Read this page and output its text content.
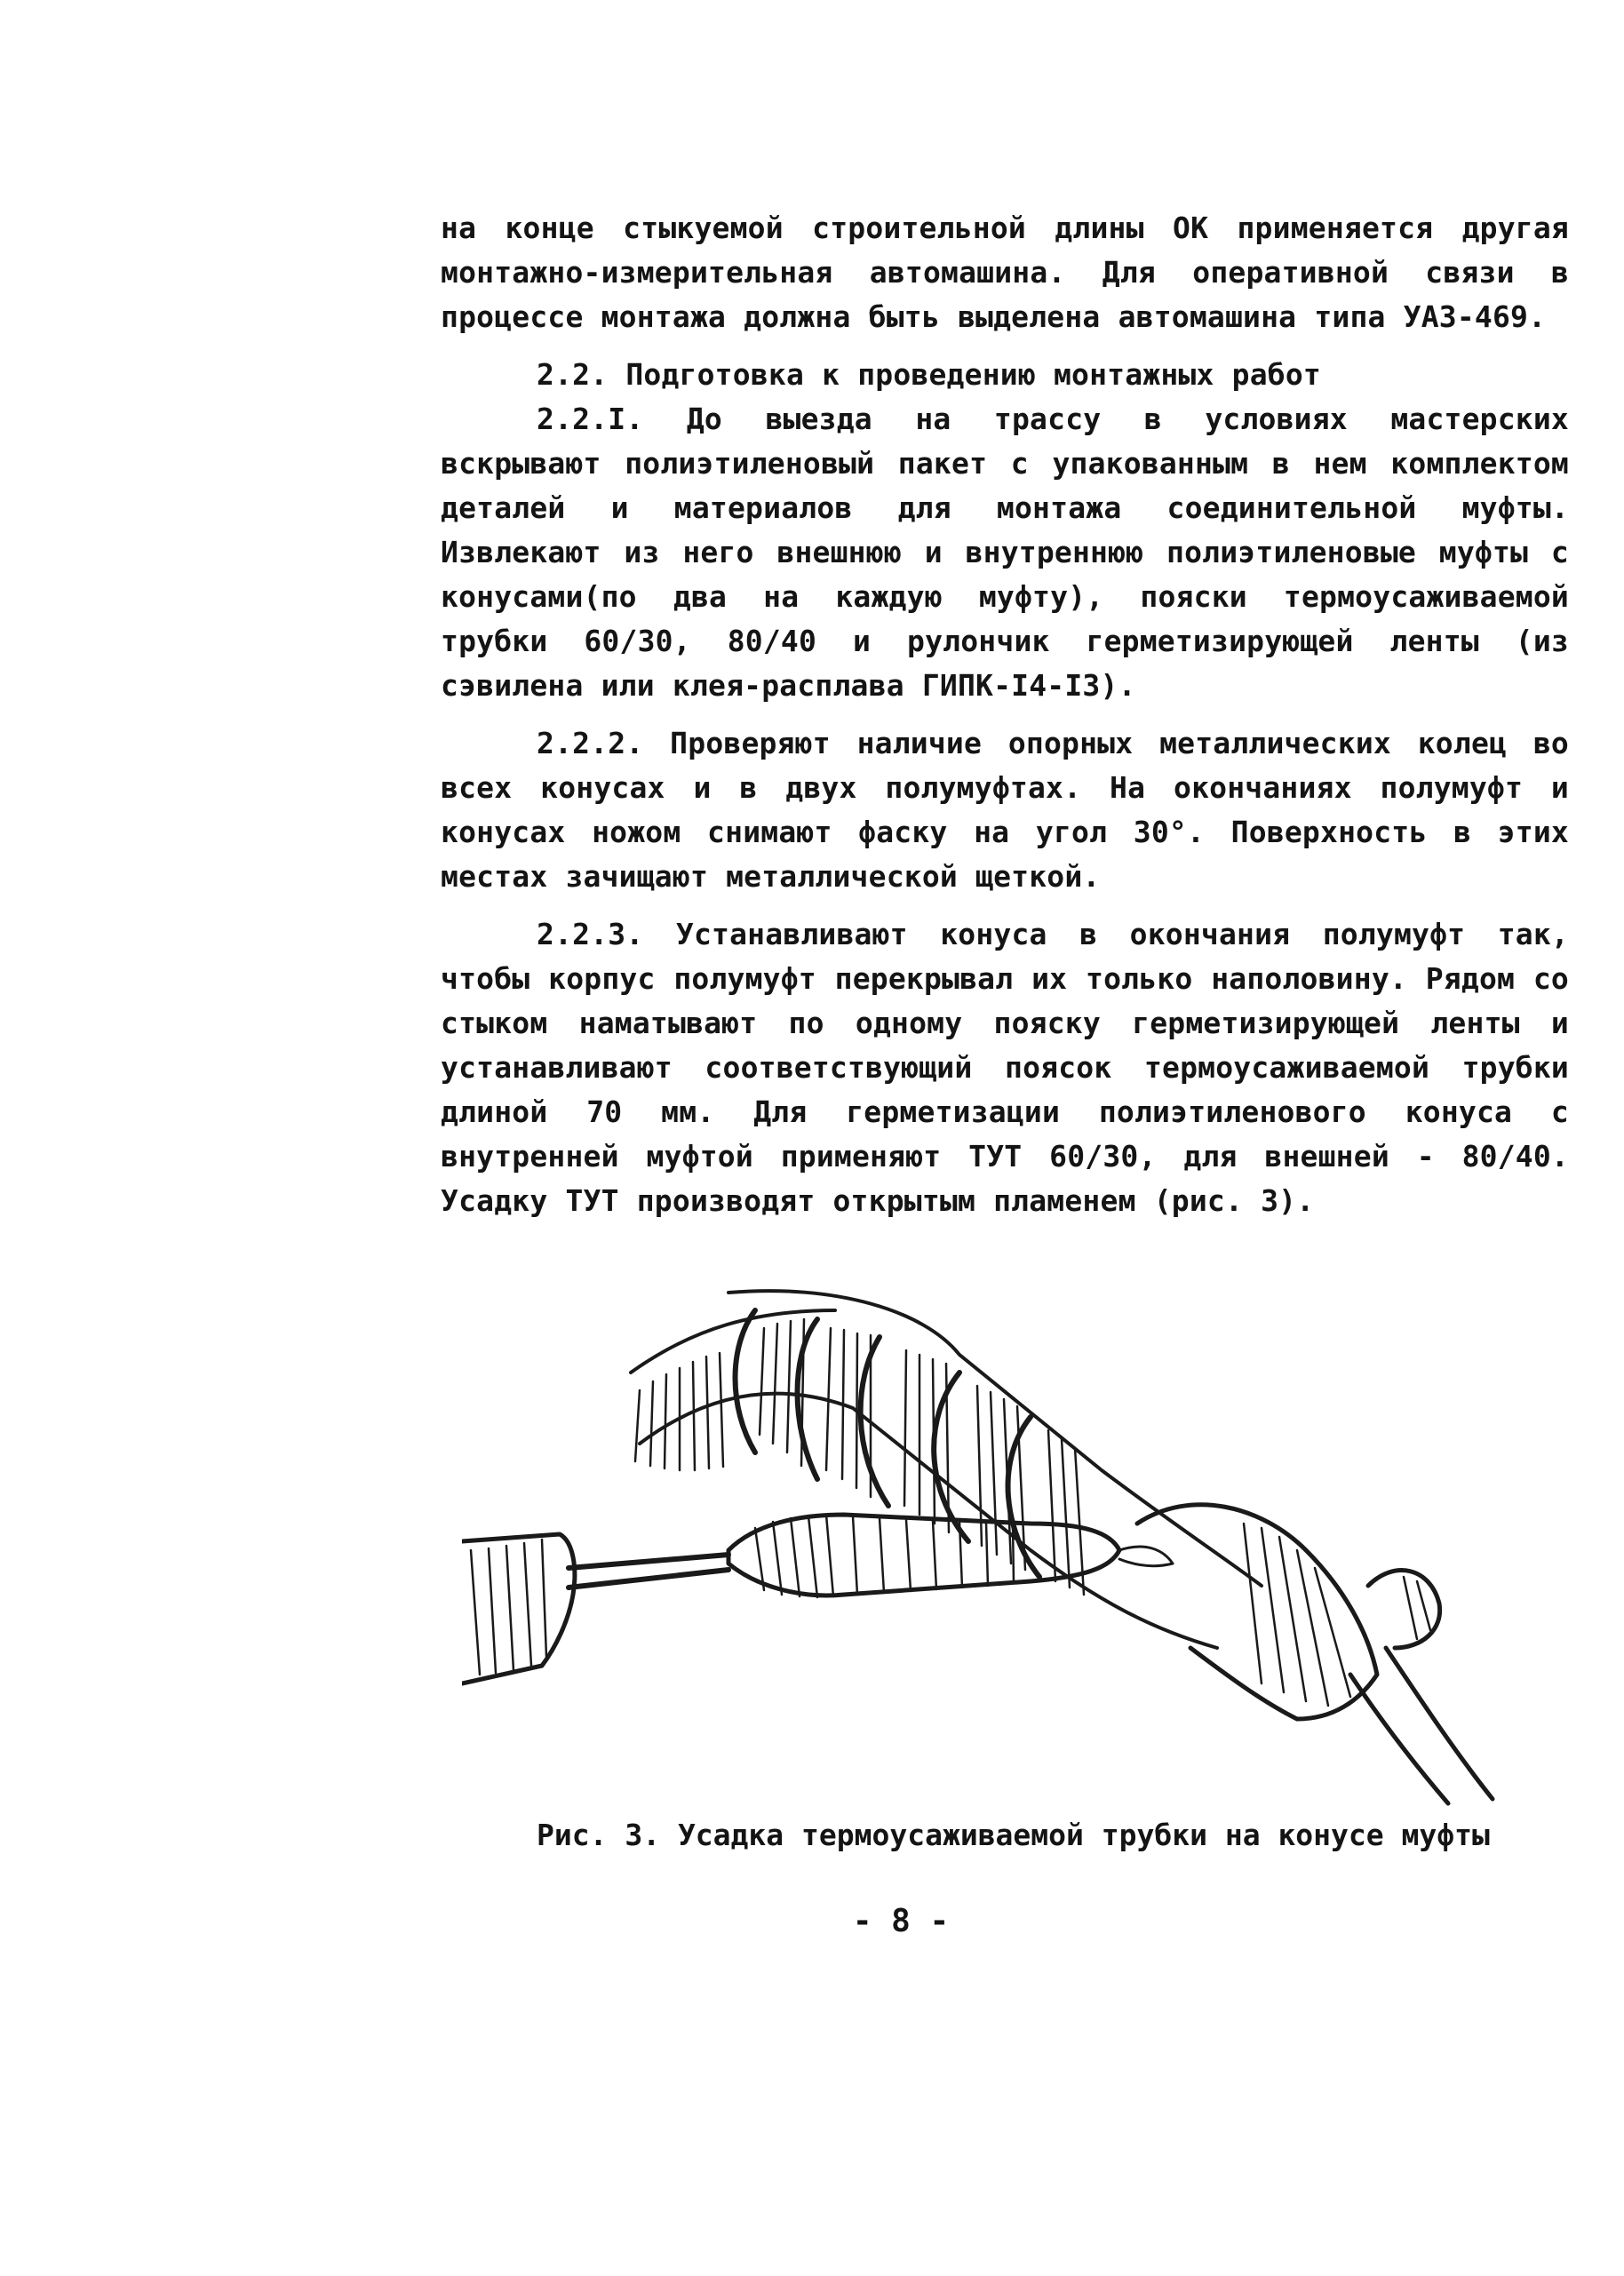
на конце стыкуемой строительной длины ОК применяется другая монтажно-измерительная автомашина. Для оперативной связи в процессе монтажа должна быть выделена автомашина типа УАЗ-469.

2.2. Подготовка к проведению монтажных работ

2.2.I. До выезда на трассу в условиях мастерских вскрывают полиэтиленовый пакет с упакованным в нем комплектом деталей и материалов для монтажа соединительной муфты. Извлекают из него внешнюю и внутреннюю полиэтиленовые муфты с конусами(по два на каждую муфту), пояски термоусаживаемой трубки 60/30, 80/40 и рулончик герметизирующей ленты (из сэвилена или клея-расплава ГИПК-I4-I3).

2.2.2. Проверяют наличие опорных металлических колец во всех конусах и в двух полумуфтах. На окончаниях полумуфт и конусах ножом снимают фаску на угол 30°. Поверхность в этих местах зачищают металлической щеткой.

2.2.3. Устанавливают конуса в окончания полумуфт так, чтобы корпус полумуфт перекрывал их только наполовину. Рядом со стыком наматывают по одному пояску герметизирующей ленты и устанавливают соответствующий поясок термоусаживаемой трубки длиной 70 мм. Для герметизации полиэтиленового конуса с внутренней муфтой применяют ТУТ 60/30, для внешней - 80/40. Усадку ТУТ производят открытым пламенем (рис. 3).

Рис. 3. Усадка термоусаживаемой трубки на конусе муфты
- 8 -
